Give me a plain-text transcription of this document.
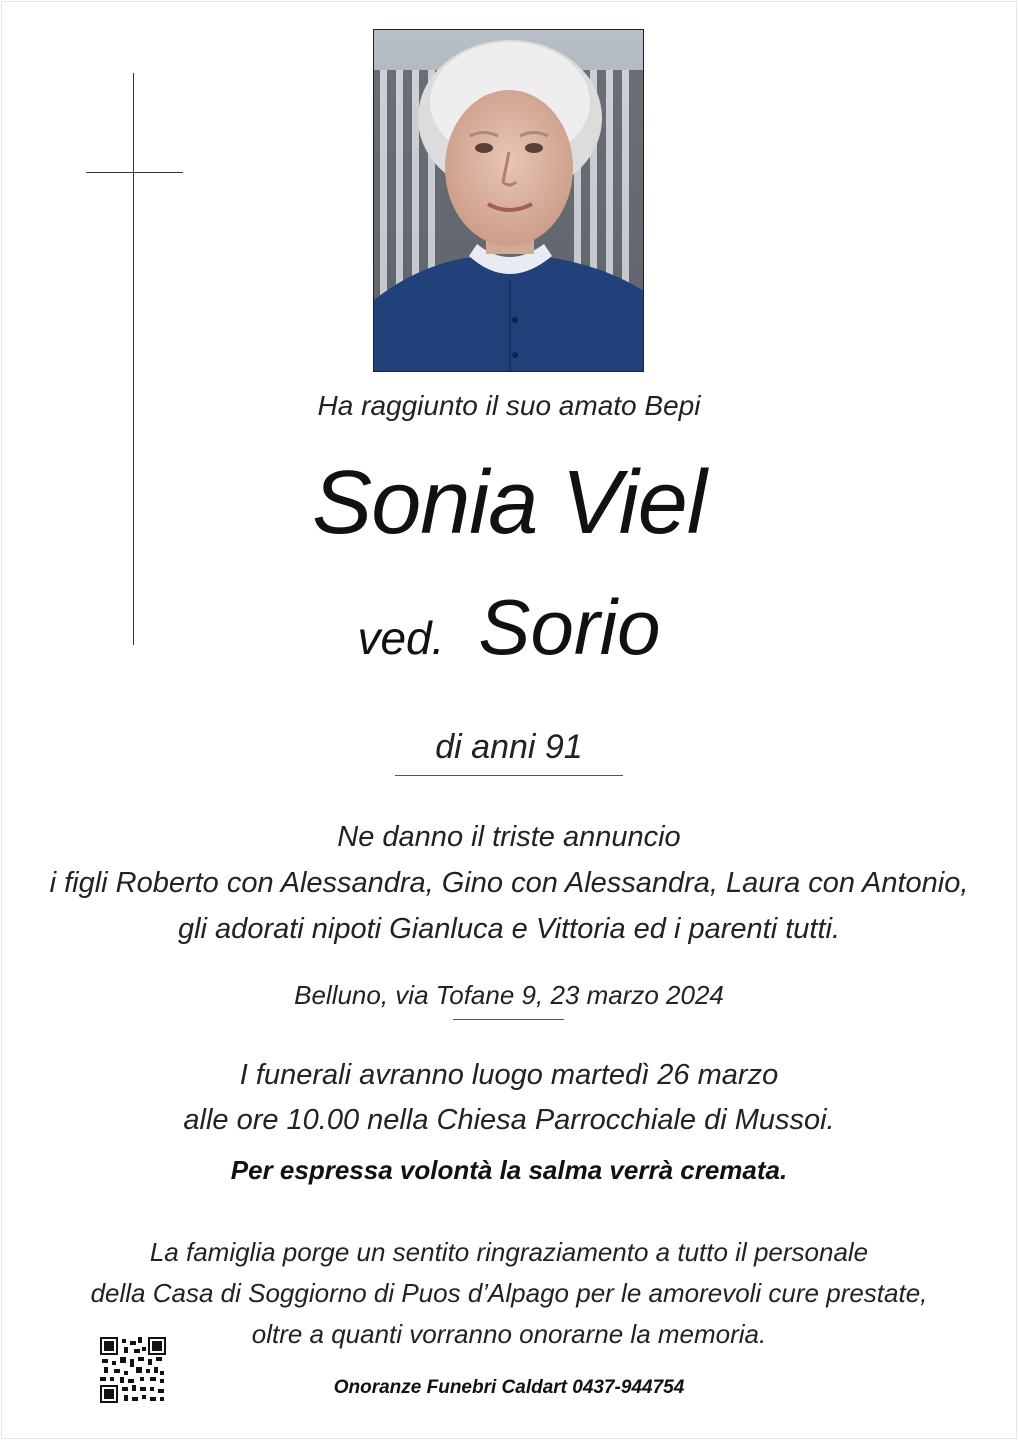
Ha raggiunto il suo amato Bepi
Sonia Viel
ved. Sorio
di anni 91
Ne danno il triste annuncio
i figli Roberto con Alessandra, Gino con Alessandra, Laura con Antonio,
gli adorati nipoti Gianluca e Vittoria ed i parenti tutti.
Belluno, via Tofane 9, 23 marzo 2024
I funerali avranno luogo martedì 26 marzo
alle ore 10.00 nella Chiesa Parrocchiale di Mussoi.
Per espressa volontà la salma verrà cremata.
La famiglia porge un sentito ringraziamento a tutto il personale
della Casa di Soggiorno di Puos d’Alpago per le amorevoli cure prestate,
oltre a quanti vorranno onorarne la memoria.
Onoranze Funebri Caldart 0437-944754
